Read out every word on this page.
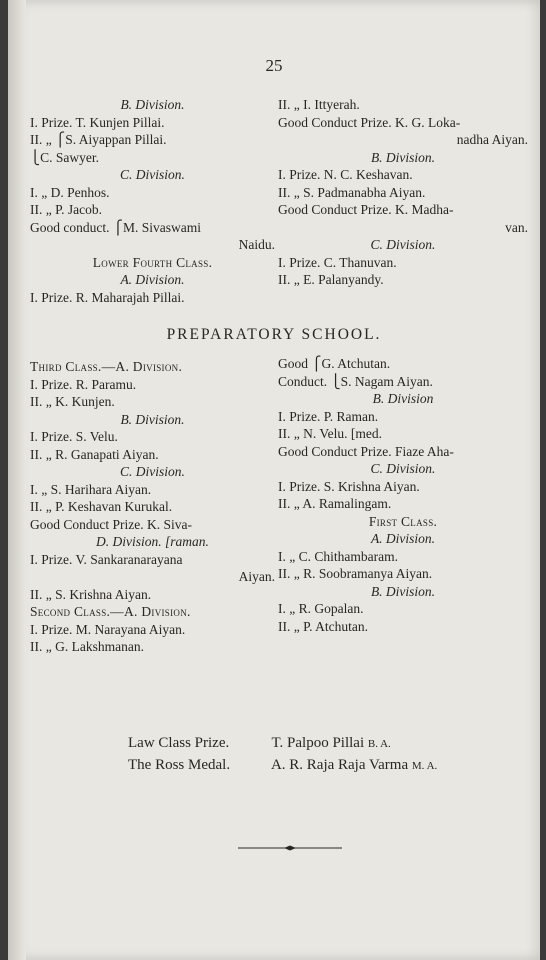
25
B. Division.
I. Prize. T. Kunjen Pillai.
II. „ ⎧S. Aiyappan Pillai.
⎩C. Sawyer.
C. Division.
I. „ D. Penhos.
II. „ P. Jacob.
Good conduct. ⎧M. Sivaswami
Naidu.
Lower Fourth Class.
A. Division.
I. Prize. R. Maharajah Pillai.
II. „ I. Ittyerah.
Good Conduct Prize. K. G. Loka-
nadha Aiyan.
B. Division.
I. Prize. N. C. Keshavan.
II. „ S. Padmanabha Aiyan.
Good Conduct Prize. K. Madha-
van.
C. Division.
I. Prize. C. Thanuvan.
II. „ E. Palanyandy.
PREPARATORY SCHOOL.
Third Class.—A. Division.
I. Prize. R. Paramu.
II. „ K. Kunjen.
B. Division.
I. Prize. S. Velu.
II. „ R. Ganapati Aiyan.
C. Division.
I. „ S. Harihara Aiyan.
II. „ P. Keshavan Kurukal.
Good Conduct Prize. K. Siva-
D. Division. [raman.
I. Prize. V. Sankaranarayana
Aiyan.
II. „ S. Krishna Aiyan.
Second Class.—A. Division.
I. Prize. M. Narayana Aiyan.
II. „ G. Lakshmanan.
Good ⎧G. Atchutan.
Conduct. ⎩S. Nagam Aiyan.
B. Division
I. Prize. P. Raman.
II. „ N. Velu. [med.
Good Conduct Prize. Fiaze Aha-
C. Division.
I. Prize. S. Krishna Aiyan.
II. „ A. Ramalingam.
First Class.
A. Division.
I. „ C. Chithambaram.
II. „ R. Soobramanya Aiyan.
B. Division.
I. „ R. Gopalan.
II. „ P. Atchutan.
Law Class Prize.	T. Palpoo Pillai B. A.
The Ross Medal.	A. R. Raja Raja Varma M. A.
